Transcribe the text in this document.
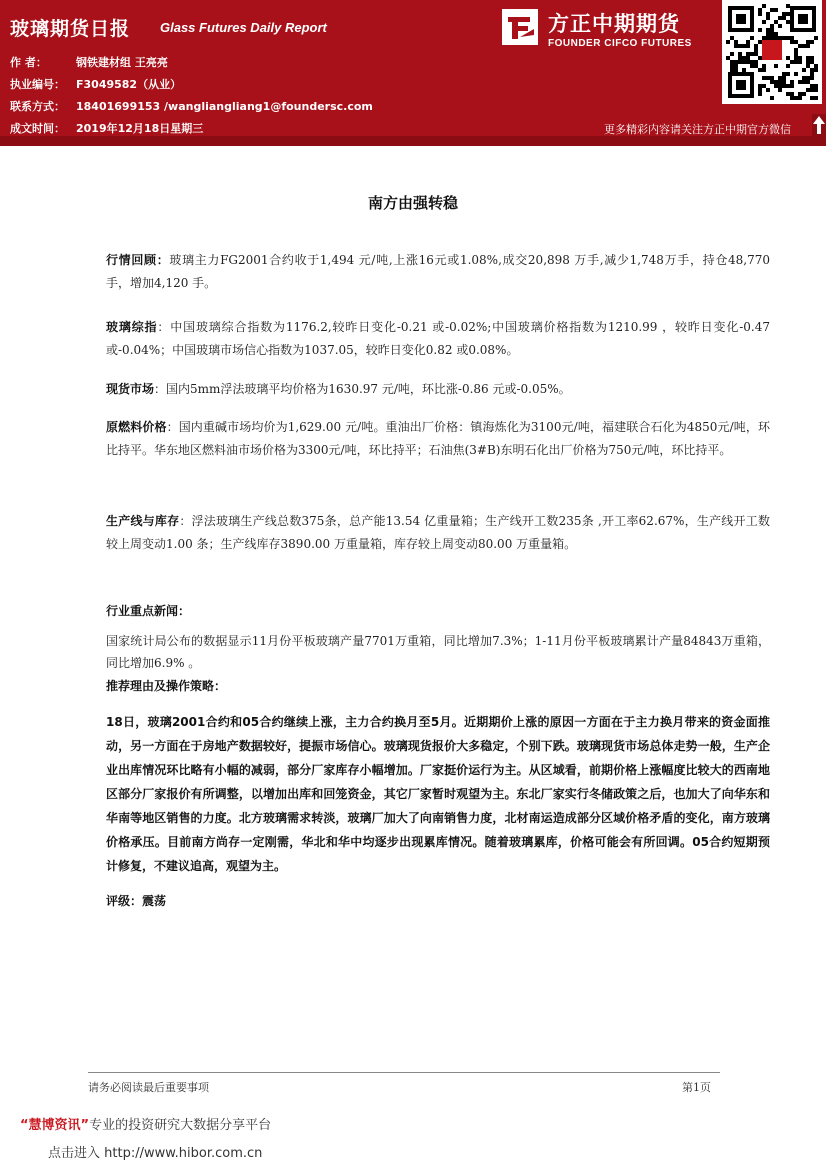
玻璃期货日报 Glass Futures Daily Report
作 者：	钢铁建材组 王亮亮
执业编号： F3049582（从业）
联系方式： 18401699153 /wangliangliang1@foundersc.com
成文时间： 2019年12月18日星期三
方正中期期货
FOUNDER CIFCO FUTURES
更多精彩内容请关注方正中期官方微信
南方由强转稳
行情回顾：玻璃主力FG2001合约收于1,494 元/吨,上涨16元或1.08%,成交20,898 万手,减少1,748万手，持仓48,770 手，增加4,120 手。
玻璃综指：中国玻璃综合指数为1176.2,较昨日变化-0.21 或-0.02%;中国玻璃价格指数为1210.99 ，较昨日变化-0.47 或-0.04%；中国玻璃市场信心指数为1037.05，较昨日变化0.82 或0.08%。
现货市场：国内5mm浮法玻璃平均价格为1630.97 元/吨，环比涨-0.86 元或-0.05%。
原燃料价格：国内重碱市场均价为1,629.00 元/吨。重油出厂价格：镇海炼化为3100元/吨，福建联合石化为4850元/吨，环比持平。华东地区燃料油市场价格为3300元/吨，环比持平；石油焦(3#B)东明石化出厂价格为750元/吨，环比持平。
生产线与库存：浮法玻璃生产线总数375条，总产能13.54 亿重量箱；生产线开工数235条 ,开工率62.67%，生产线开工数较上周变动1.00 条；生产线库存3890.00 万重量箱，库存较上周变动80.00 万重量箱。
行业重点新闻：
国家统计局公布的数据显示11月份平板玻璃产量7701万重箱，同比增加7.3%；1-11月份平板玻璃累计产量84843万重箱，同比增加6.9% 。
推荐理由及操作策略：
18日，玻璃2001合约和05合约继续上涨，主力合约换月至5月。近期期价上涨的原因一方面在于主力换月带来的资金面推动，另一方面在于房地产数据较好，提振市场信心。玻璃现货报价大多稳定，个别下跌。玻璃现货市场总体走势一般，生产企业出库情况环比略有小幅的减弱，部分厂家库存小幅增加。厂家挺价运行为主。从区域看，前期价格上涨幅度比较大的西南地区部分厂家报价有所调整，以增加出库和回笼资金，其它厂家暂时观望为主。东北厂家实行冬储政策之后，也加大了向华东和华南等地区销售的力度。北方玻璃需求转淡，玻璃厂加大了向南销售力度，北材南运造成部分区域价格矛盾的变化，南方玻璃价格承压。目前南方尚存一定刚需，华北和华中均逐步出现累库情况。随着玻璃累库，价格可能会有所回调。05合约短期预计修复，不建议追高，观望为主。
评级：震荡
请务必阅读最后重要事项	第1页
“慧博资讯”专业的投资研究大数据分享平台
点击进入 http://www.hibor.com.cn
